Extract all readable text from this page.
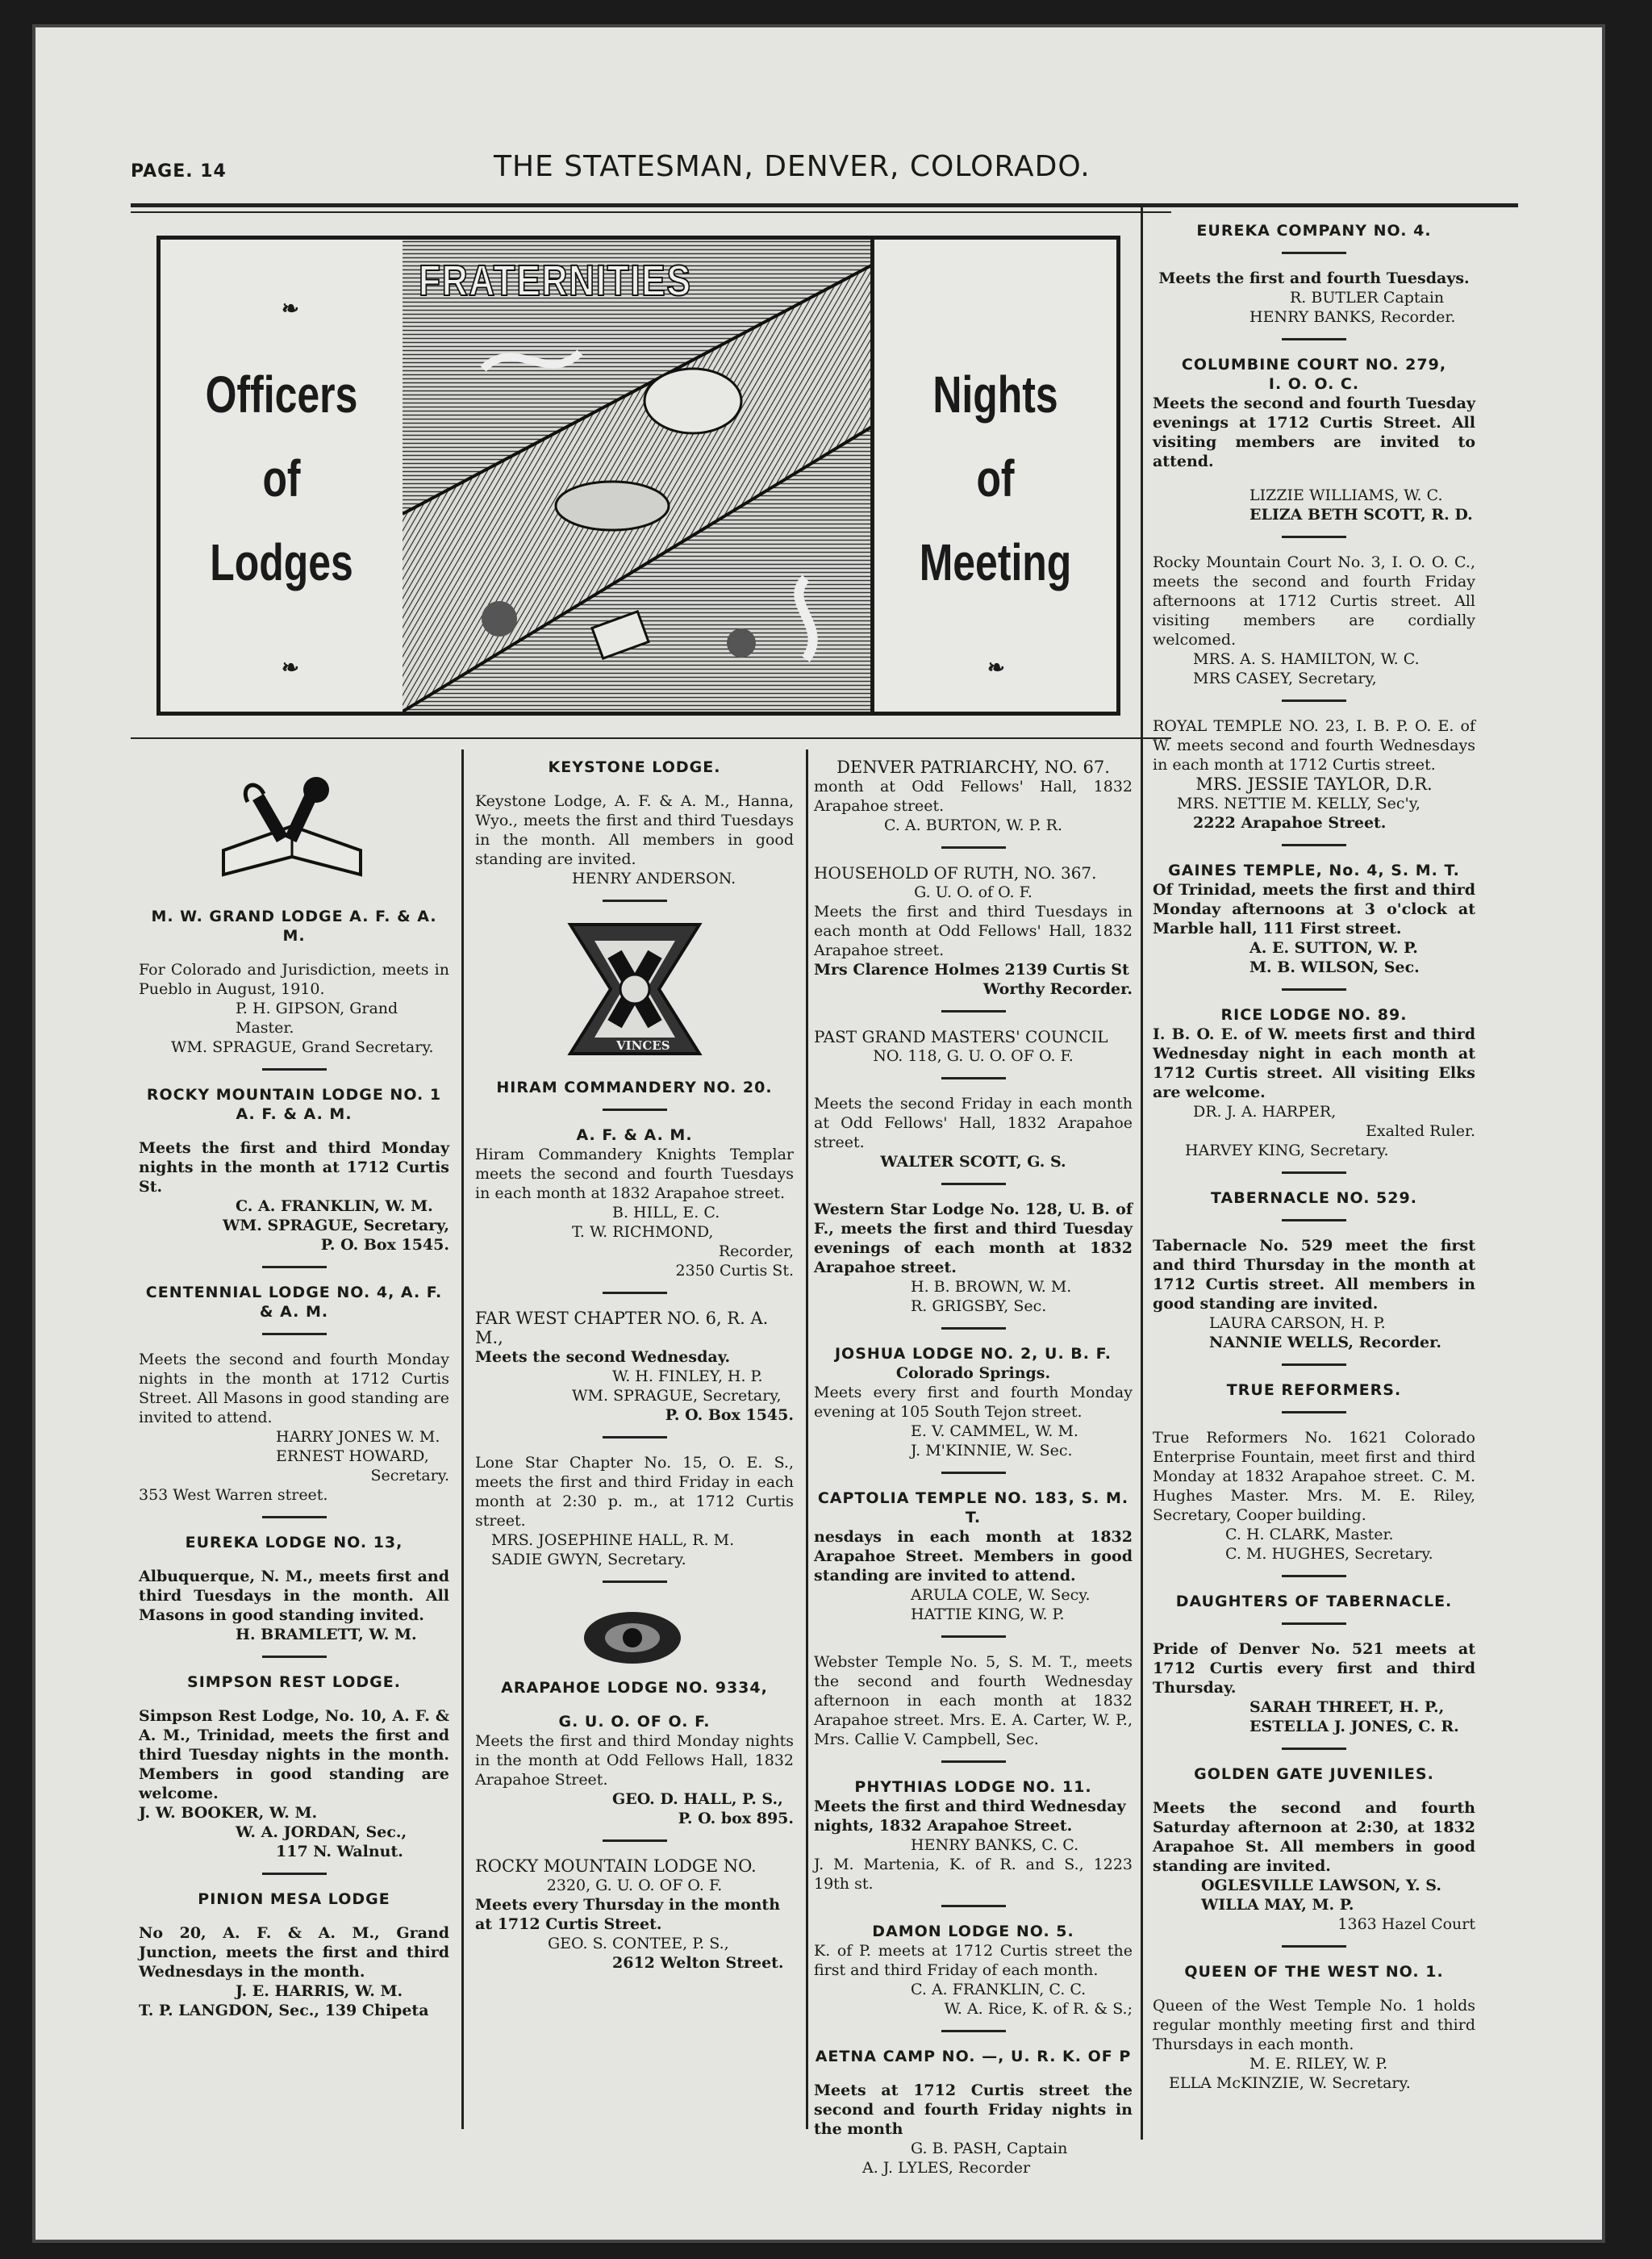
PAGE. 14	THE STATESMAN, DENVER, COLORADO.
❧
Officers
of
Lodges
❧
FRATERNITIES
Nights
of
Meeting
❧

M. W. GRAND LODGE A. F. & A. M.

For Colorado and Jurisdiction, meets in Pueblo in August, 1910.

P. H. GIPSON, Grand Master.

WM. SPRAGUE, Grand Secretary.

ROCKY MOUNTAIN LODGE NO. 1 A. F. & A. M.

Meets the first and third Monday nights in the month at 1712 Curtis St.

C. A. FRANKLIN, W. M.

WM. SPRAGUE, Secretary,

P. O. Box 1545.

CENTENNIAL LODGE NO. 4, A. F. & A. M.

Meets the second and fourth Monday nights in the month at 1712 Curtis Street. All Masons in good standing are invited to attend.

HARRY JONES W. M.

ERNEST HOWARD,

Secretary.

353 West Warren street.

EUREKA LODGE NO. 13,

Albuquerque, N. M., meets first and third Tuesdays in the month. All Masons in good standing invited.

H. BRAMLETT, W. M.

SIMPSON REST LODGE.

Simpson Rest Lodge, No. 10, A. F. & A. M., Trinidad, meets the first and third Tuesday nights in the month. Members in good standing are welcome.

J. W. BOOKER, W. M.

W. A. JORDAN, Sec.,

117 N. Walnut.

PINION MESA LODGE

No 20, A. F. & A. M., Grand Junction, meets the first and third Wednesdays in the month.

J. E. HARRIS, W. M.

T. P. LANGDON, Sec., 139 Chipeta

KEYSTONE LODGE.

Keystone Lodge, A. F. & A. M., Hanna, Wyo., meets the first and third Tuesdays in the month. All members in good standing are invited.

HENRY ANDERSON.

VINCES

HIRAM COMMANDERY NO. 20.

A. F. & A. M.

Hiram Commandery Knights Templar meets the second and fourth Tuesdays in each month at 1832 Arapahoe street.

B. HILL, E. C.

T. W. RICHMOND,

Recorder,

2350 Curtis St.

FAR WEST CHAPTER NO. 6, R. A. M.,

Meets the second Wednesday.

W. H. FINLEY, H. P.

WM. SPRAGUE, Secretary,

P. O. Box 1545.

Lone Star Chapter No. 15, O. E. S., meets the first and third Friday in each month at 2:30 p. m., at 1712 Curtis street.

MRS. JOSEPHINE HALL, R. M.

SADIE GWYN, Secretary.

ARAPAHOE LODGE NO. 9334,

G. U. O. OF O. F.

Meets the first and third Monday nights in the month at Odd Fellows Hall, 1832 Arapahoe Street.

GEO. D. HALL, P. S.,

P. O. box 895.

ROCKY MOUNTAIN LODGE NO.

2320, G. U. O. OF O. F.

Meets every Thursday in the month at 1712 Curtis Street.

GEO. S. CONTEE, P. S.,

2612 Welton Street.

DENVER PATRIARCHY, NO. 67.

month at Odd Fellows' Hall, 1832 Arapahoe street.

C. A. BURTON, W. P. R.

HOUSEHOLD OF RUTH, NO. 367.

G. U. O. of O. F.

Meets the first and third Tuesdays in each month at Odd Fellows' Hall, 1832 Arapahoe street.

Mrs Clarence Holmes 2139 Curtis St

Worthy Recorder.

PAST GRAND MASTERS' COUNCIL

NO. 118, G. U. O. OF O. F.

Meets the second Friday in each month at Odd Fellows' Hall, 1832 Arapahoe street.

WALTER SCOTT, G. S.

Western Star Lodge No. 128, U. B. of F., meets the first and third Tuesday evenings of each month at 1832 Arapahoe street.

H. B. BROWN, W. M.

R. GRIGSBY, Sec.

JOSHUA LODGE NO. 2, U. B. F.

Colorado Springs.

Meets every first and fourth Monday evening at 105 South Tejon street.

E. V. CAMMEL, W. M.

J. M'KINNIE, W. Sec.

CAPTOLIA TEMPLE NO. 183, S. M. T.

nesdays in each month at 1832 Arapahoe Street. Members in good standing are invited to attend.

ARULA COLE, W. Secy.

HATTIE KING, W. P.

Webster Temple No. 5, S. M. T., meets the second and fourth Wednesday afternoon in each month at 1832 Arapahoe street. Mrs. E. A. Carter, W. P., Mrs. Callie V. Campbell, Sec.

PHYTHIAS LODGE NO. 11.

Meets the first and third Wednesday nights, 1832 Arapahoe Street.

HENRY BANKS, C. C.

J. M. Martenia, K. of R. and S., 1223 19th st.

DAMON LODGE NO. 5.

K. of P. meets at 1712 Curtis street the first and third Friday of each month.

C. A. FRANKLIN, C. C.

W. A. Rice, K. of R. & S.;

AETNA CAMP NO. —, U. R. K. OF P

Meets at 1712 Curtis street the second and fourth Friday nights in the month

G. B. PASH, Captain

A. J. LYLES, Recorder

EUREKA COMPANY NO. 4.

Meets the first and fourth Tuesdays.

R. BUTLER Captain

HENRY BANKS, Recorder.

COLUMBINE COURT NO. 279,

I. O. O. C.

Meets the second and fourth Tuesday evenings at 1712 Curtis Street. All visiting members are invited to attend.

LIZZIE WILLIAMS, W. C.

ELIZA BETH SCOTT, R. D.

Rocky Mountain Court No. 3, I. O. O. C., meets the second and fourth Friday afternoons at 1712 Curtis street. All visiting members are cordially welcomed.

MRS. A. S. HAMILTON, W. C.

MRS CASEY, Secretary,

ROYAL TEMPLE NO. 23, I. B. P. O. E. of W. meets second and fourth Wednesdays in each month at 1712 Curtis street.

MRS. JESSIE TAYLOR, D.R.

MRS. NETTIE M. KELLY, Sec'y,

2222 Arapahoe Street.

GAINES TEMPLE, No. 4, S. M. T.

Of Trinidad, meets the first and third Monday afternoons at 3 o'clock at Marble hall, 111 First street.

A. E. SUTTON, W. P.

M. B. WILSON, Sec.

RICE LODGE NO. 89.

I. B. O. E. of W. meets first and third Wednesday night in each month at 1712 Curtis street. All visiting Elks are welcome.

DR. J. A. HARPER,

Exalted Ruler.

HARVEY KING, Secretary.

TABERNACLE NO. 529.

Tabernacle No. 529 meet the first and third Thursday in the month at 1712 Curtis street. All members in good standing are invited.

LAURA CARSON, H. P.

NANNIE WELLS, Recorder.

TRUE REFORMERS.

True Reformers No. 1621 Colorado Enterprise Fountain, meet first and third Monday at 1832 Arapahoe street. C. M. Hughes Master. Mrs. M. E. Riley, Secretary, Cooper building.

C. H. CLARK, Master.

C. M. HUGHES, Secretary.

DAUGHTERS OF TABERNACLE.

Pride of Denver No. 521 meets at 1712 Curtis every first and third Thursday.

SARAH THREET, H. P.,

ESTELLA J. JONES, C. R.

GOLDEN GATE JUVENILES.

Meets the second and fourth Saturday afternoon at 2:30, at 1832 Arapahoe St. All members in good standing are invited.

OGLESVILLE LAWSON, Y. S.

WILLA MAY, M. P.

1363 Hazel Court

QUEEN OF THE WEST NO. 1.

Queen of the West Temple No. 1 holds regular monthly meeting first and third Thursdays in each month.

M. E. RILEY, W. P.

ELLA McKINZIE, W. Secretary.
